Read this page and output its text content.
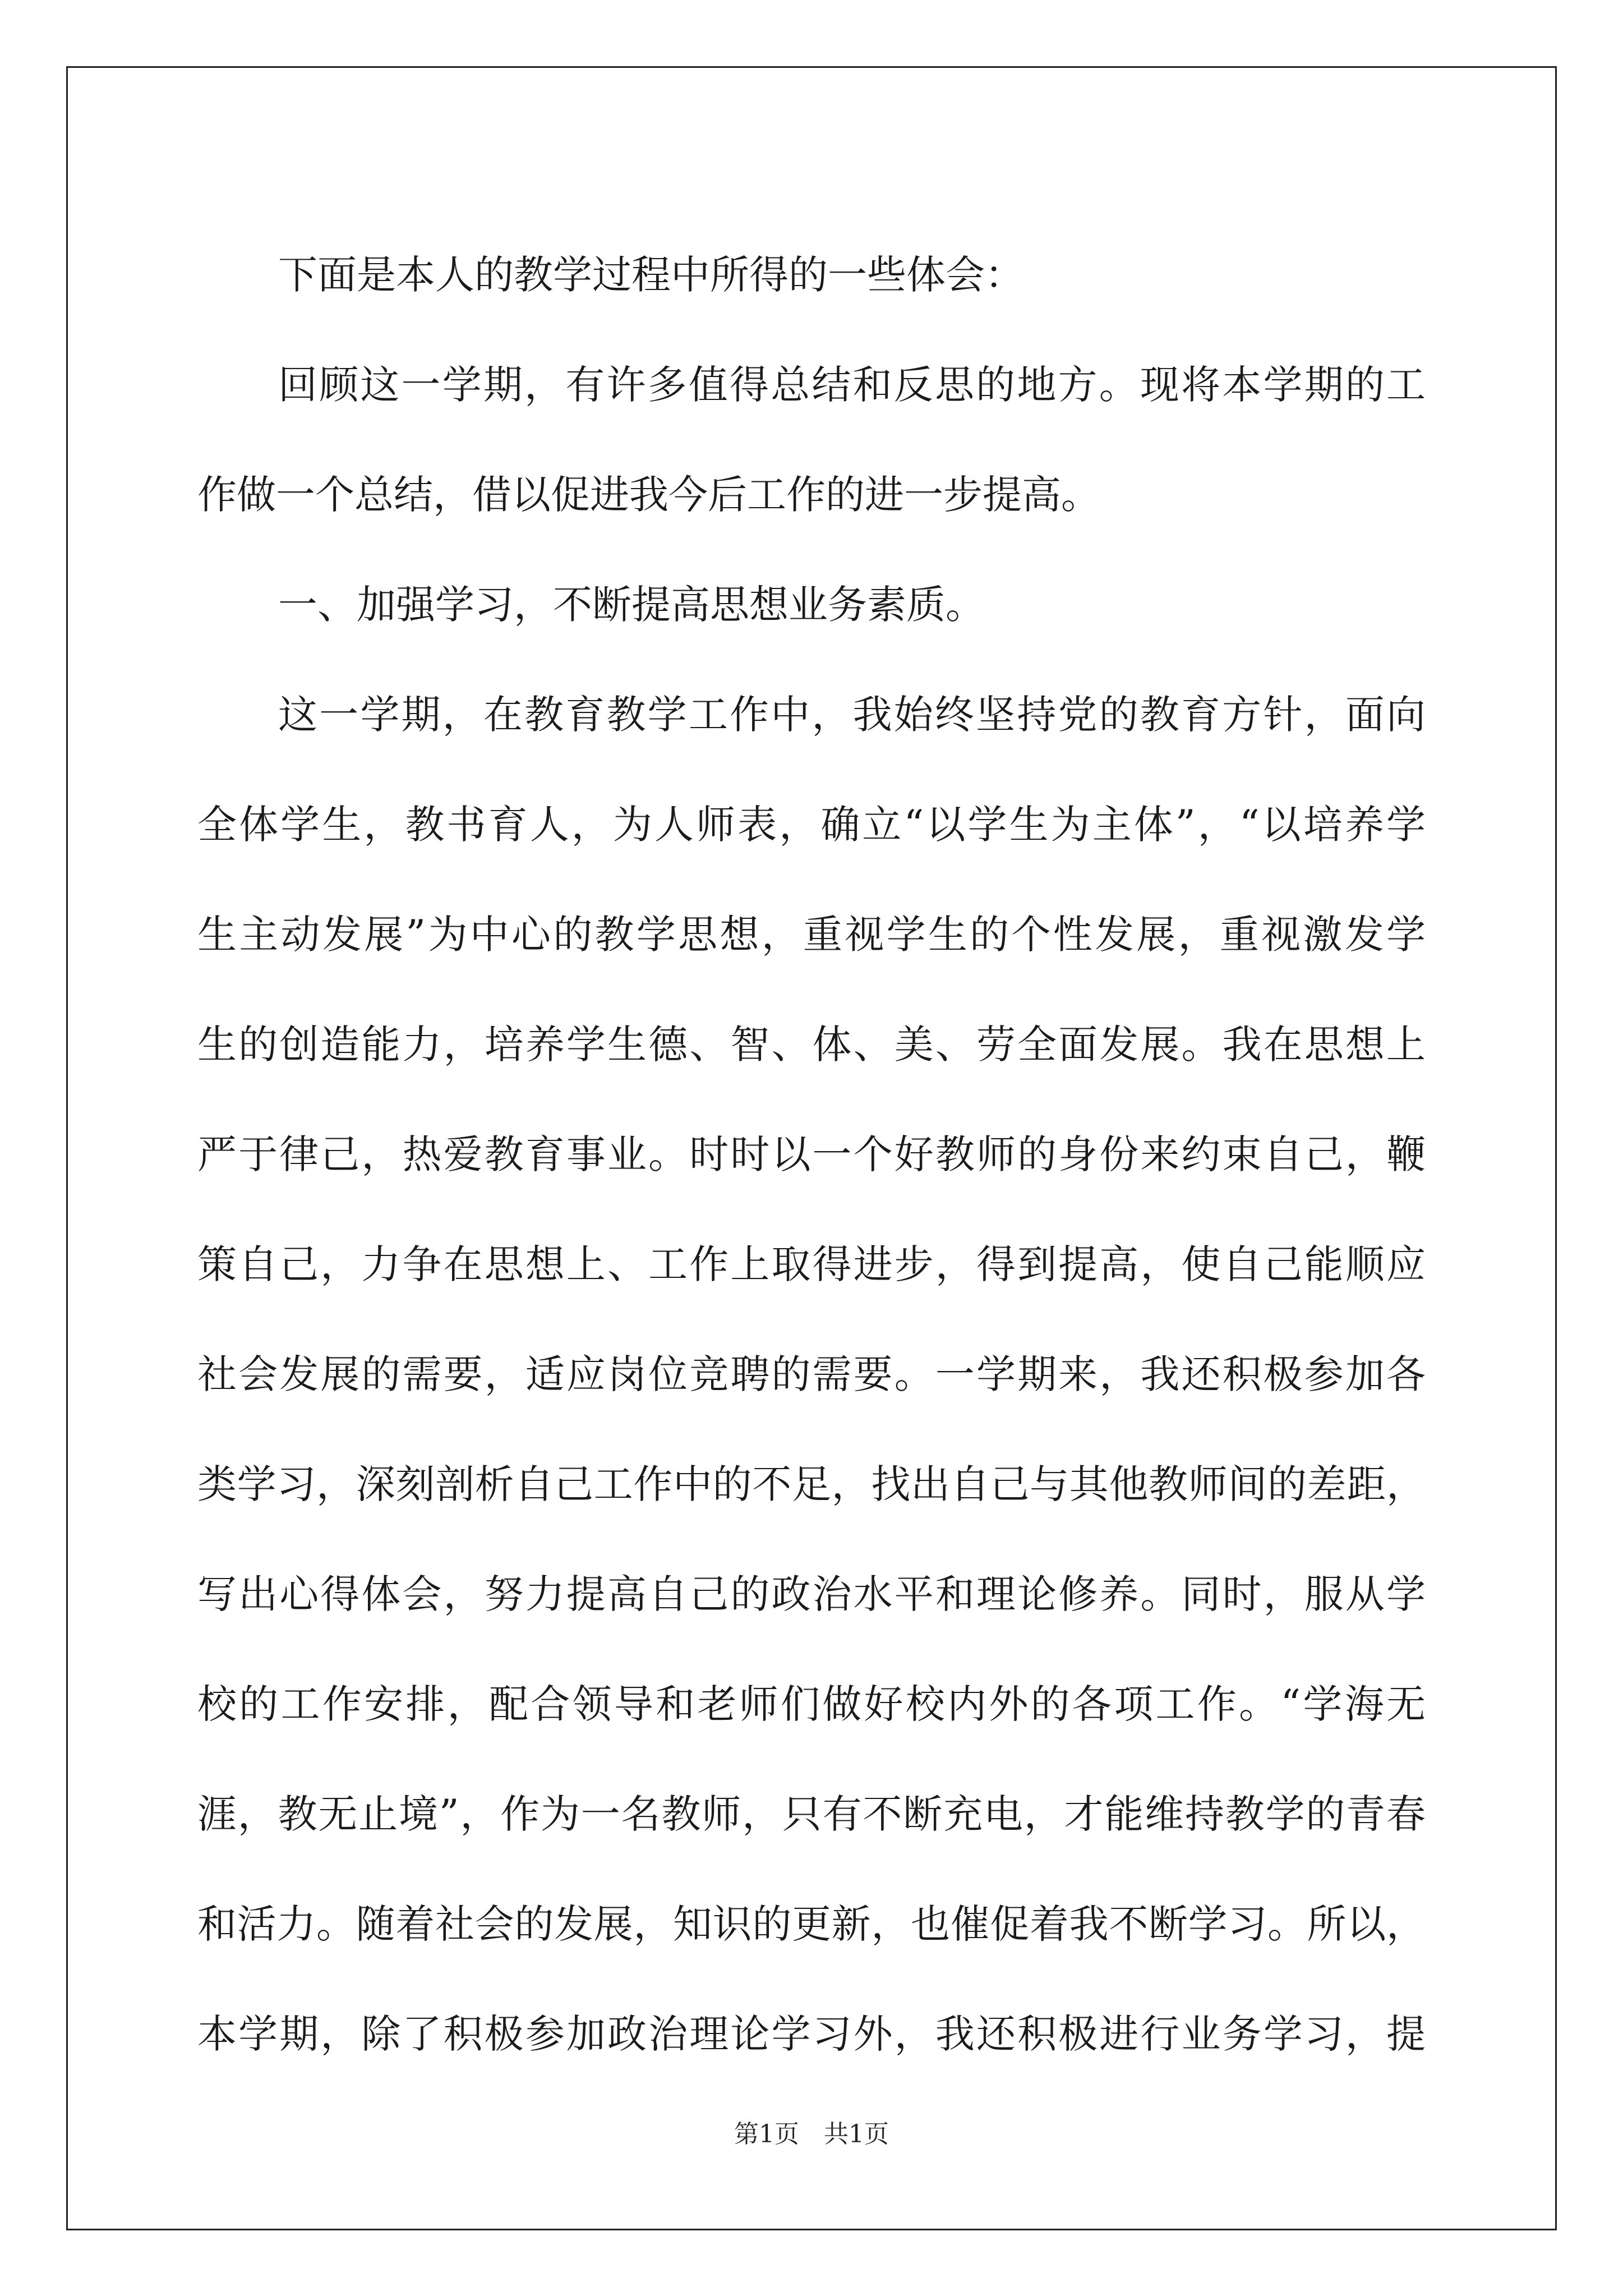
下面是本人的教学过程中所得的一些体会：
回顾这一学期，有许多值得总结和反思的地方。现将本学期的工
作做一个总结，借以促进我今后工作的进一步提高。
一、加强学习，不断提高思想业务素质。
这一学期，在教育教学工作中，我始终坚持党的教育方针，面向
全体学生，教书育人，为人师表，确立“以学生为主体”，“以培养学
生主动发展”为中心的教学思想，重视学生的个性发展，重视激发学
生的创造能力，培养学生德、智、体、美、劳全面发展。我在思想上
严于律己，热爱教育事业。时时以一个好教师的身份来约束自己，鞭
策自己，力争在思想上、工作上取得进步，得到提高，使自己能顺应
社会发展的需要，适应岗位竞聘的需要。一学期来，我还积极参加各
类学习，深刻剖析自己工作中的不足，找出自己与其他教师间的差距，
写出心得体会，努力提高自己的政治水平和理论修养。同时，服从学
校的工作安排，配合领导和老师们做好校内外的各项工作。“学海无
涯，教无止境”，作为一名教师，只有不断充电，才能维持教学的青春
和活力。随着社会的发展，知识的更新，也催促着我不断学习。所以，
本学期，除了积极参加政治理论学习外，我还积极进行业务学习，提
第1页　共1页
